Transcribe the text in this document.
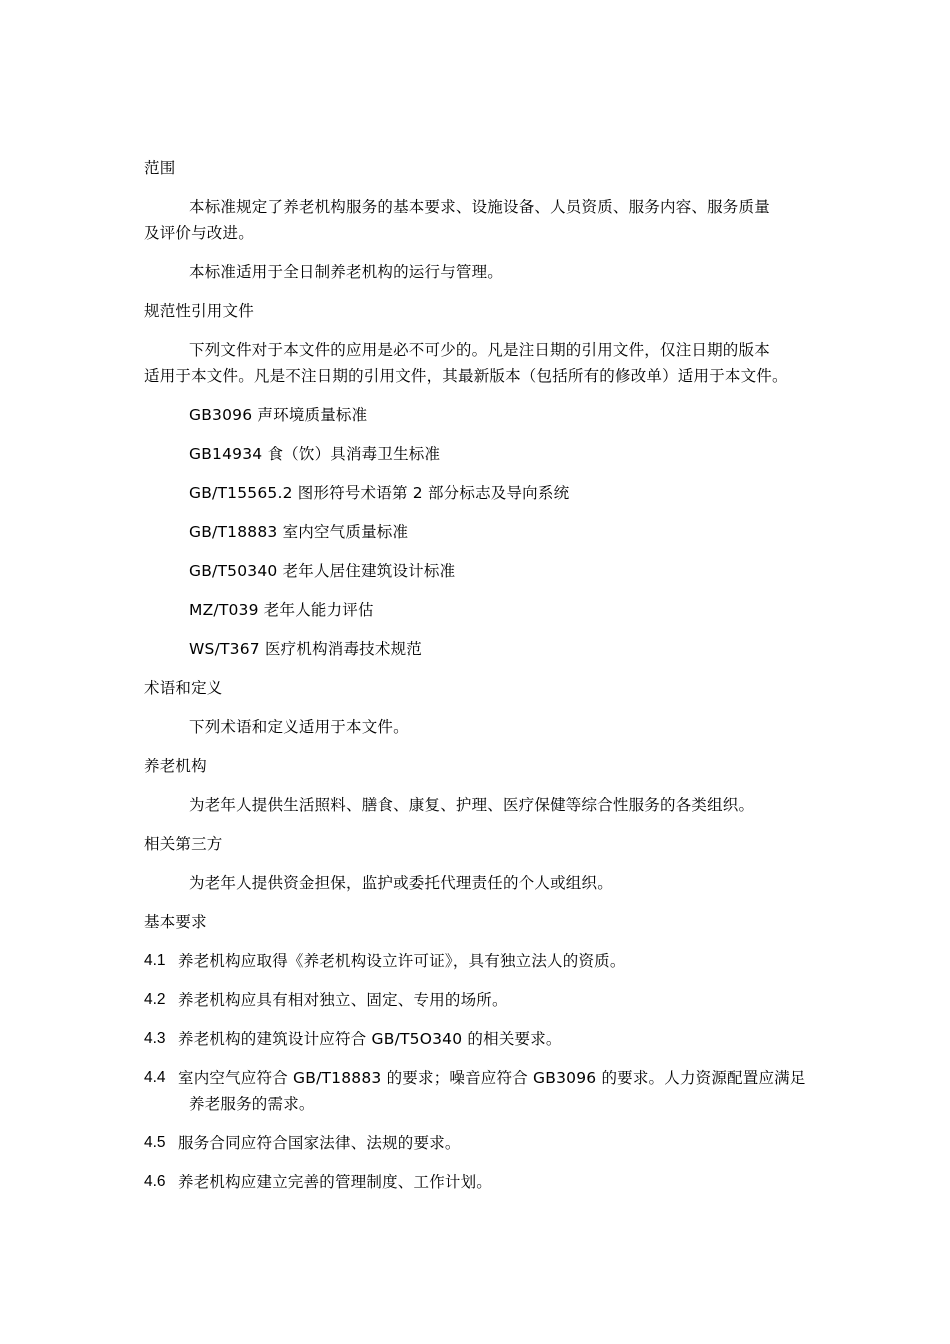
范围
本标准规定了养老机构服务的基本要求、设施设备、人员资质、服务内容、服务质量
及评价与改进。
本标准适用于全日制养老机构的运行与管理。
规范性引用文件
下列文件对于本文件的应用是必不可少的。凡是注日期的引用文件，仅注日期的版本
适用于本文件。凡是不注日期的引用文件，其最新版本（包括所有的修改单）适用于本文件。
GB3096 声环境质量标准
GB14934 食（饮）具消毒卫生标准
GB/T15565.2 图形符号术语第 2 部分标志及导向系统
GB/T18883 室内空气质量标准
GB/T50340 老年人居住建筑设计标准
MZ/T039 老年人能力评估
WS/T367 医疗机构消毒技术规范
术语和定义
下列术语和定义适用于本文件。
养老机构
为老年人提供生活照料、膳食、康复、护理、医疗保健等综合性服务的各类组织。
相关第三方
为老年人提供资金担保，监护或委托代理责任的个人或组织。
基本要求
4.1 养老机构应取得《养老机构设立许可证》，具有独立法人的资质。
4.2 养老机构应具有相对独立、固定、专用的场所。
4.3 养老机构的建筑设计应符合 GB/T5O340 的相关要求。
4.4 室内空气应符合 GB/T18883 的要求；噪音应符合 GB3096 的要求。人力资源配置应满足
养老服务的需求。
4.5 服务合同应符合国家法律、法规的要求。
4.6 养老机构应建立完善的管理制度、工作计划。
